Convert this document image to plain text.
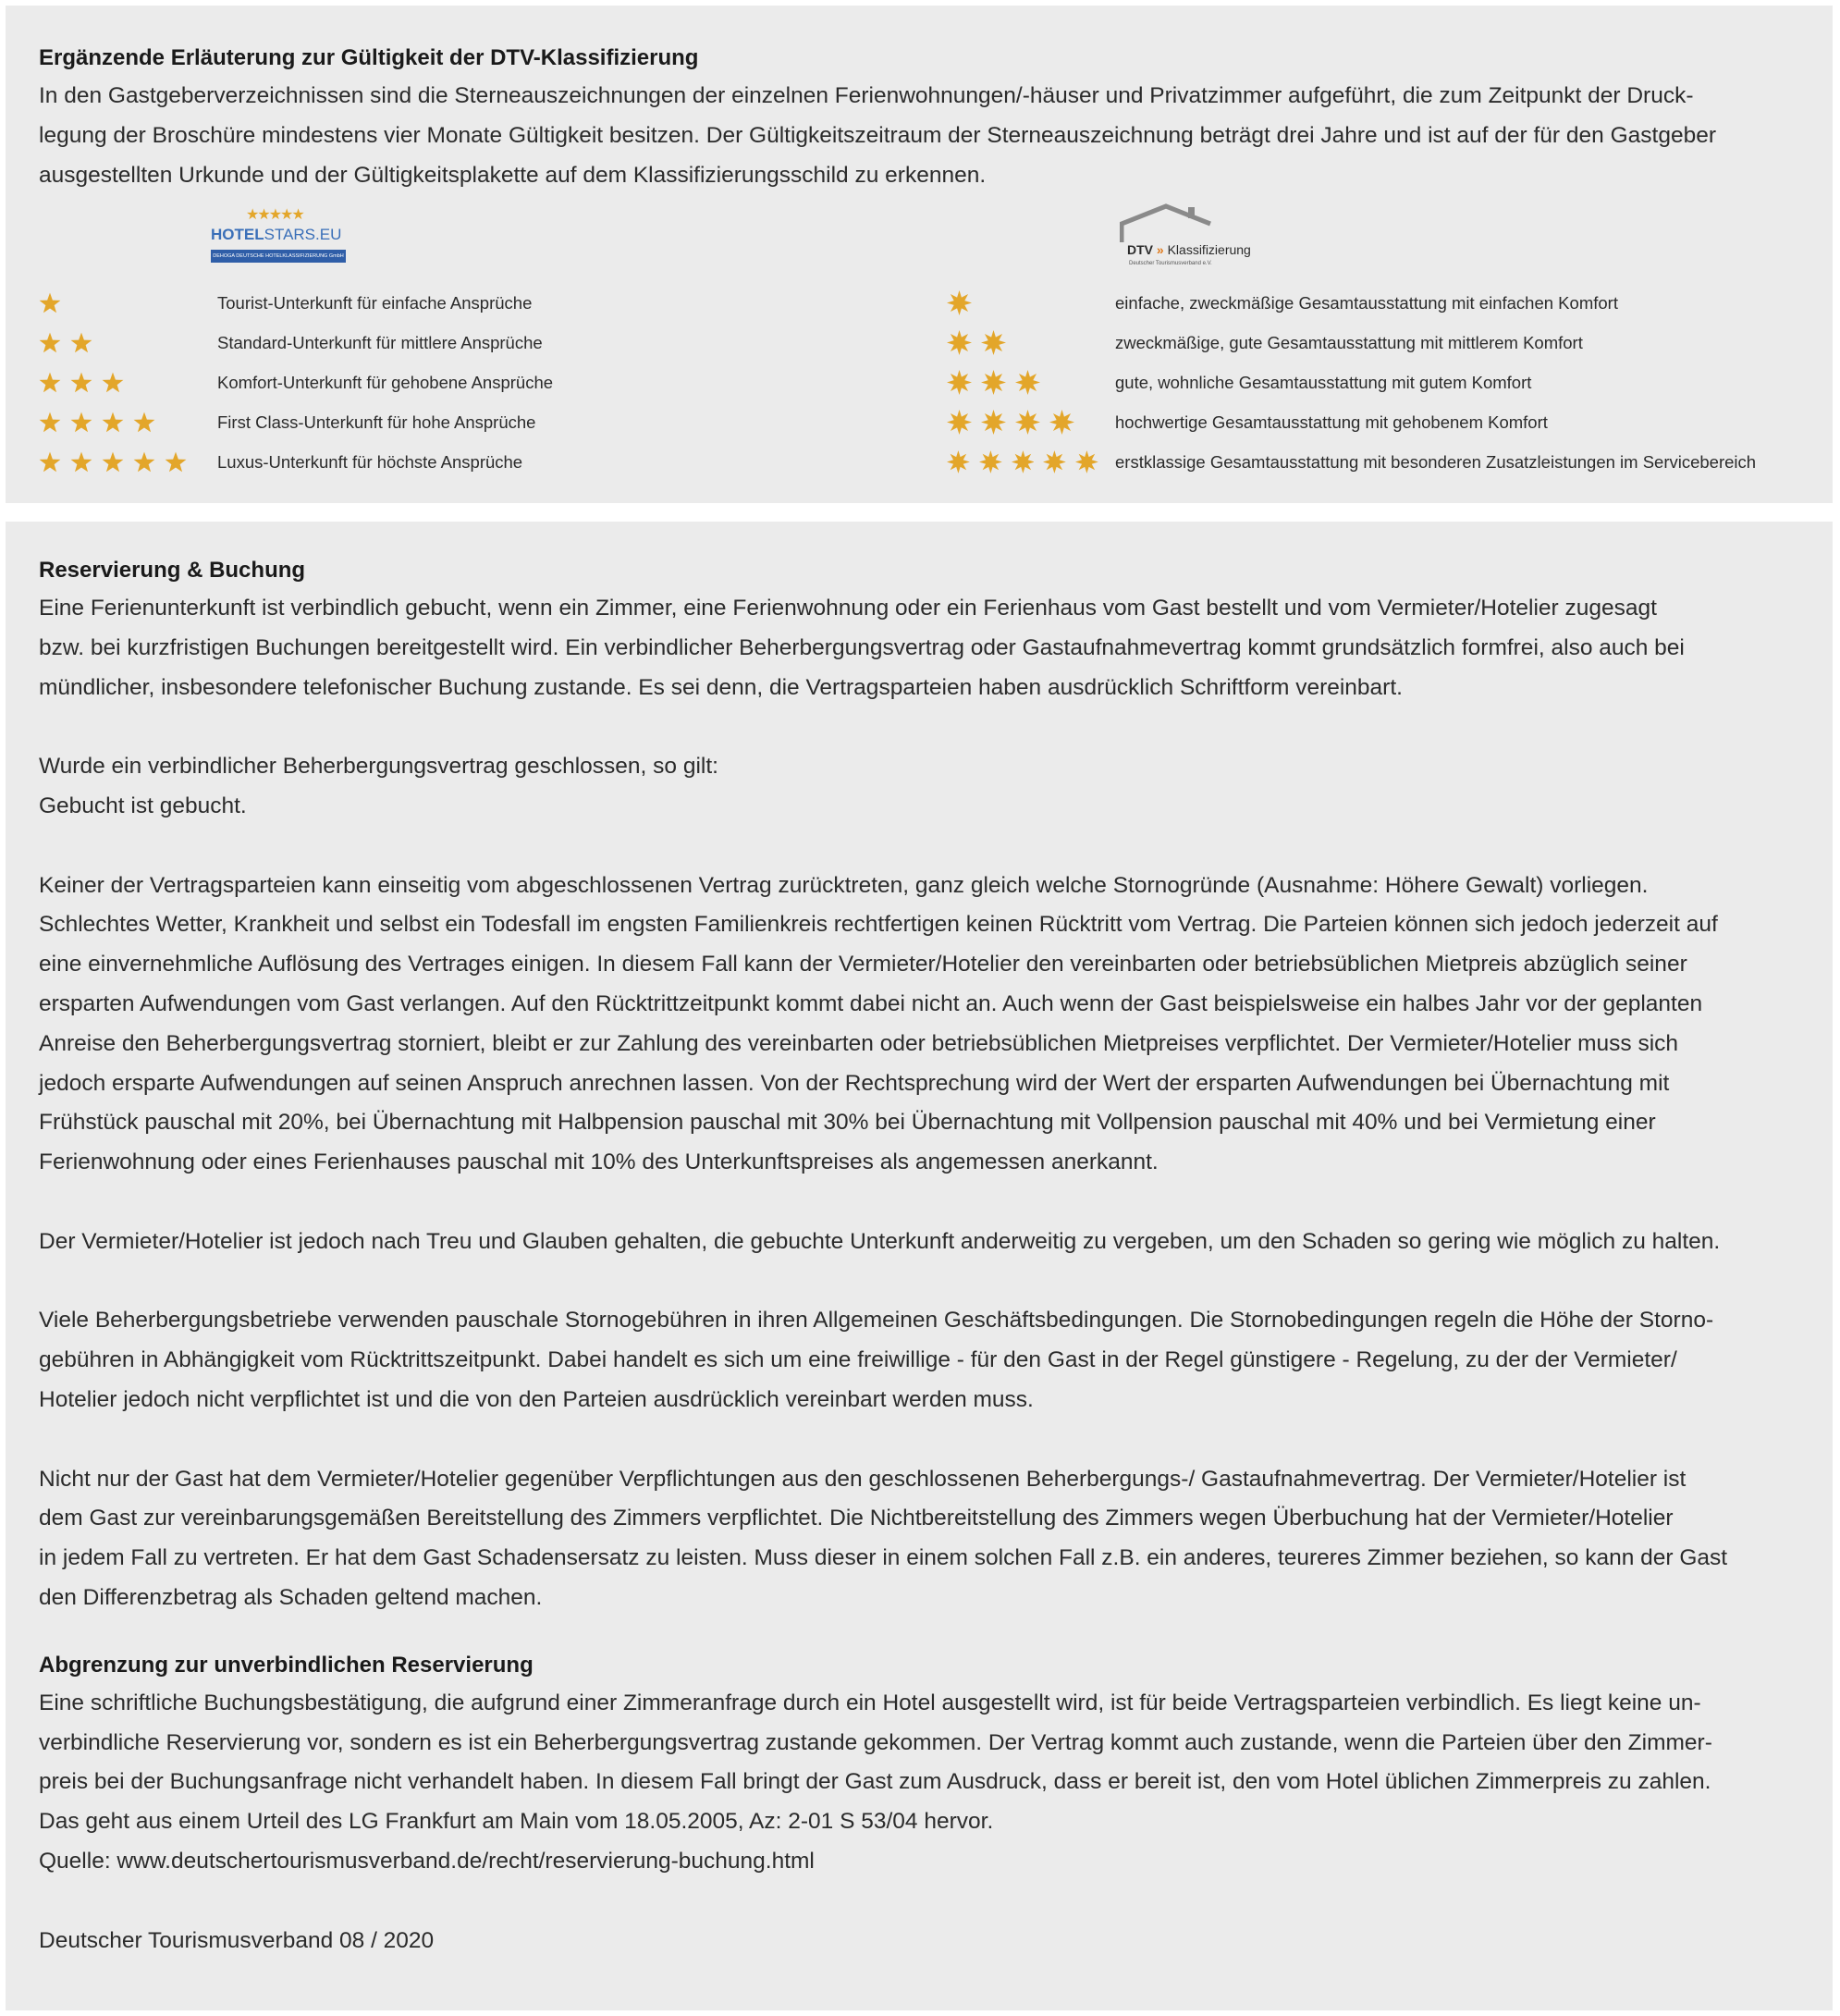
Ergänzende Erläuterung zur Gültigkeit der DTV-Klassifizierung
In den Gastgeberverzeichnissen sind die Sterneauszeichnungen der einzelnen Ferienwohnungen/-häuser und Privatzimmer aufgeführt, die zum Zeitpunkt der Druck-
legung der Broschüre mindestens vier Monate Gültigkeit besitzen. Der Gültigkeitszeitraum der Sterneauszeichnung beträgt drei Jahre und ist auf der für den Gastgeber
ausgestellten Urkunde und der Gültigkeitsplakette auf dem Klassifizierungsschild zu erkennen.
★★★★★
HOTELSTARS.EU
DEHOGA DEUTSCHE HOTELKLASSIFIZIERUNG GmbH	DTV » Klassifizierung
Deutscher Tourismusverband e.V.
Tourist-Unterkunft für einfache Ansprüche
Standard-Unterkunft für mittlere Ansprüche
Komfort-Unterkunft für gehobene Ansprüche
First Class-Unterkunft für hohe Ansprüche
Luxus-Unterkunft für höchste Ansprüche
einfache, zweckmäßige Gesamtausstattung mit einfachen Komfort
zweckmäßige, gute Gesamtausstattung mit mittlerem Komfort
gute, wohnliche Gesamtausstattung mit gutem Komfort
hochwertige Gesamtausstattung mit gehobenem Komfort
erstklassige Gesamtausstattung mit besonderen Zusatzleistungen im Servicebereich
Reservierung & Buchung
Eine Ferienunterkunft ist verbindlich gebucht, wenn ein Zimmer, eine Ferienwohnung oder ein Ferienhaus vom Gast bestellt und vom Vermieter/Hotelier zugesagt
bzw. bei kurzfristigen Buchungen bereitgestellt wird. Ein verbindlicher Beherbergungsvertrag oder Gastaufnahmevertrag kommt grundsätzlich formfrei, also auch bei
mündlicher, insbesondere telefonischer Buchung zustande. Es sei denn, die Vertragsparteien haben ausdrücklich Schriftform vereinbart.
Wurde ein verbindlicher Beherbergungsvertrag geschlossen, so gilt:
Gebucht ist gebucht.
Keiner der Vertragsparteien kann einseitig vom abgeschlossenen Vertrag zurücktreten, ganz gleich welche Stornogründe (Ausnahme: Höhere Gewalt) vorliegen.
Schlechtes Wetter, Krankheit und selbst ein Todesfall im engsten Familienkreis rechtfertigen keinen Rücktritt vom Vertrag. Die Parteien können sich jedoch jederzeit auf
eine einvernehmliche Auflösung des Vertrages einigen. In diesem Fall kann der Vermieter/Hotelier den vereinbarten oder betriebsüblichen Mietpreis abzüglich seiner
ersparten Aufwendungen vom Gast verlangen. Auf den Rücktrittzeitpunkt kommt dabei nicht an. Auch wenn der Gast beispielsweise ein halbes Jahr vor der geplanten
Anreise den Beherbergungsvertrag storniert, bleibt er zur Zahlung des vereinbarten oder betriebsüblichen Mietpreises verpflichtet. Der Vermieter/Hotelier muss sich
jedoch ersparte Aufwendungen auf seinen Anspruch anrechnen lassen. Von der Rechtsprechung wird der Wert der ersparten Aufwendungen bei Übernachtung mit
Frühstück pauschal mit 20%, bei Übernachtung mit Halbpension pauschal mit 30% bei Übernachtung mit Vollpension pauschal mit 40% und bei Vermietung einer
Ferienwohnung oder eines Ferienhauses pauschal mit 10% des Unterkunftspreises als angemessen anerkannt.
Der Vermieter/Hotelier ist jedoch nach Treu und Glauben gehalten, die gebuchte Unterkunft anderweitig zu vergeben, um den Schaden so gering wie möglich zu halten.
Viele Beherbergungsbetriebe verwenden pauschale Stornogebühren in ihren Allgemeinen Geschäftsbedingungen. Die Stornobedingungen regeln die Höhe der Storno-
gebühren in Abhängigkeit vom Rücktrittszeitpunkt. Dabei handelt es sich um eine freiwillige - für den Gast in der Regel günstigere - Regelung, zu der der Vermieter/
Hotelier jedoch nicht verpflichtet ist und die von den Parteien ausdrücklich vereinbart werden muss.
Nicht nur der Gast hat dem Vermieter/Hotelier gegenüber Verpflichtungen aus den geschlossenen Beherbergungs-/ Gastaufnahmevertrag. Der Vermieter/Hotelier ist
dem Gast zur vereinbarungsgemäßen Bereitstellung des Zimmers verpflichtet. Die Nichtbereitstellung des Zimmers wegen Überbuchung hat der Vermieter/Hotelier
in jedem Fall zu vertreten. Er hat dem Gast Schadensersatz zu leisten. Muss dieser in einem solchen Fall z.B. ein anderes, teureres Zimmer beziehen, so kann der Gast
den Differenzbetrag als Schaden geltend machen.
Abgrenzung zur unverbindlichen Reservierung
Eine schriftliche Buchungsbestätigung, die aufgrund einer Zimmeranfrage durch ein Hotel ausgestellt wird, ist für beide Vertragsparteien verbindlich. Es liegt keine un-
verbindliche Reservierung vor, sondern es ist ein Beherbergungsvertrag zustande gekommen. Der Vertrag kommt auch zustande, wenn die Parteien über den Zimmer-
preis bei der Buchungsanfrage nicht verhandelt haben. In diesem Fall bringt der Gast zum Ausdruck, dass er bereit ist, den vom Hotel üblichen Zimmerpreis zu zahlen.
Das geht aus einem Urteil des LG Frankfurt am Main vom 18.05.2005, Az: 2-01 S 53/04 hervor.
Quelle: www.deutschertourismusverband.de/recht/reservierung-buchung.html
Deutscher Tourismusverband 08 / 2020
